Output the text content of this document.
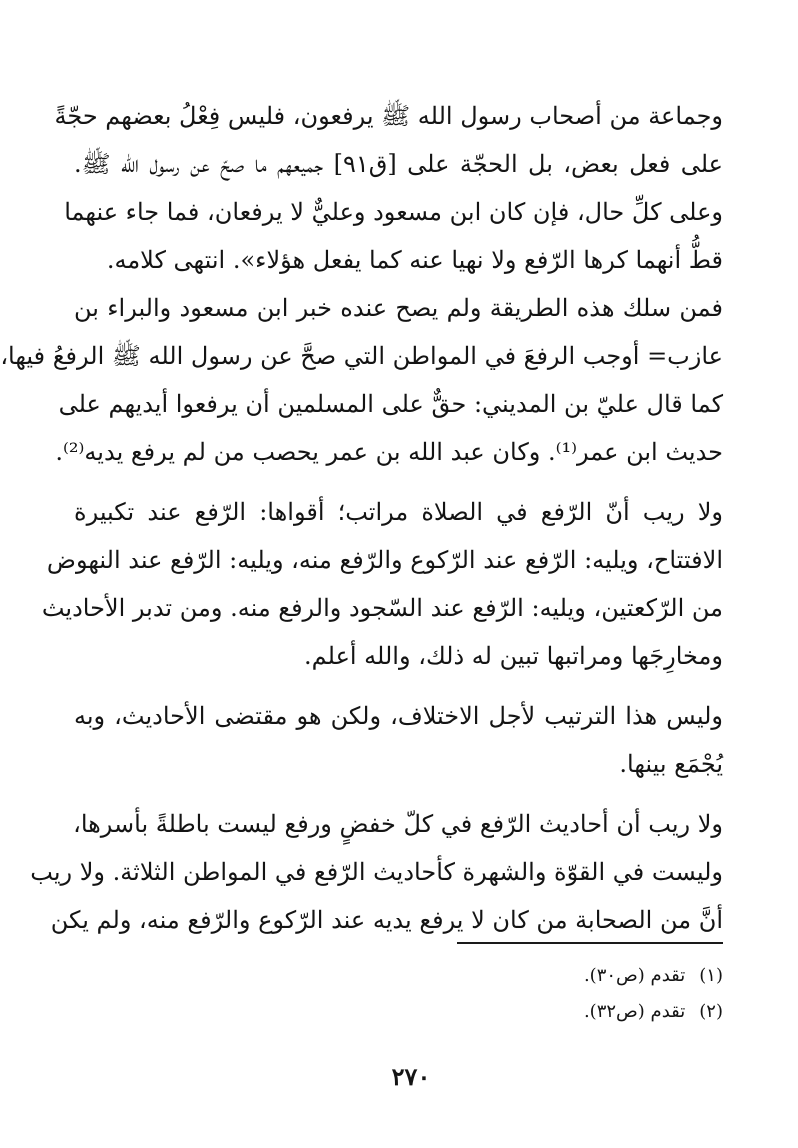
وجماعة من أصحاب رسول الله ﷺ يرفعون، فليس فِعْلُ بعضهم حجّةً
على فعل بعض، بل الحجّة على [ق٩١] جميعهم ما صحّ عن رسول الله ﷺ.
وعلى كلِّ حال، فإن كان ابن مسعود وعليٌّ لا يرفعان، فما جاء عنهما
قطُّ أنهما كرها الرّفع ولا نهيا عنه كما يفعل هؤلاء». انتهى كلامه.
فمن سلك هذه الطريقة ولم يصح عنده خبر ابن مسعود والبراء بن
عازب= أوجب الرفعَ في المواطن التي صحَّ عن رسول الله ﷺ الرفعُ فيها،
كما قال عليّ بن المديني: حقٌّ على المسلمين أن يرفعوا أيديهم على
حديث ابن عمر⁽¹⁾. وكان عبد الله بن عمر يحصب من لم يرفع يديه⁽²⁾.
ولا ريب أنّ الرّفع في الصلاة مراتب؛ أقواها: الرّفع عند تكبيرة
الافتتاح، ويليه: الرّفع عند الرّكوع والرّفع منه، ويليه: الرّفع عند النهوض
من الرّكعتين، ويليه: الرّفع عند السّجود والرفع منه. ومن تدبر الأحاديث
ومخارِجَها ومراتبها تبين له ذلك، والله أعلم.
وليس هذا الترتيب لأجل الاختلاف، ولكن هو مقتضى الأحاديث، وبه
يُجْمَع بينها.
ولا ريب أن أحاديث الرّفع في كلّ خفضٍ ورفع ليست باطلةً بأسرها،
وليست في القوّة والشهرة كأحاديث الرّفع في المواطن الثلاثة. ولا ريب
أنَّ من الصحابة من كان لا يرفع يديه عند الرّكوع والرّفع منه، ولم يكن
(١)تقدم (ص٣٠).
(٢)تقدم (ص٣٢).
٢٧٠
